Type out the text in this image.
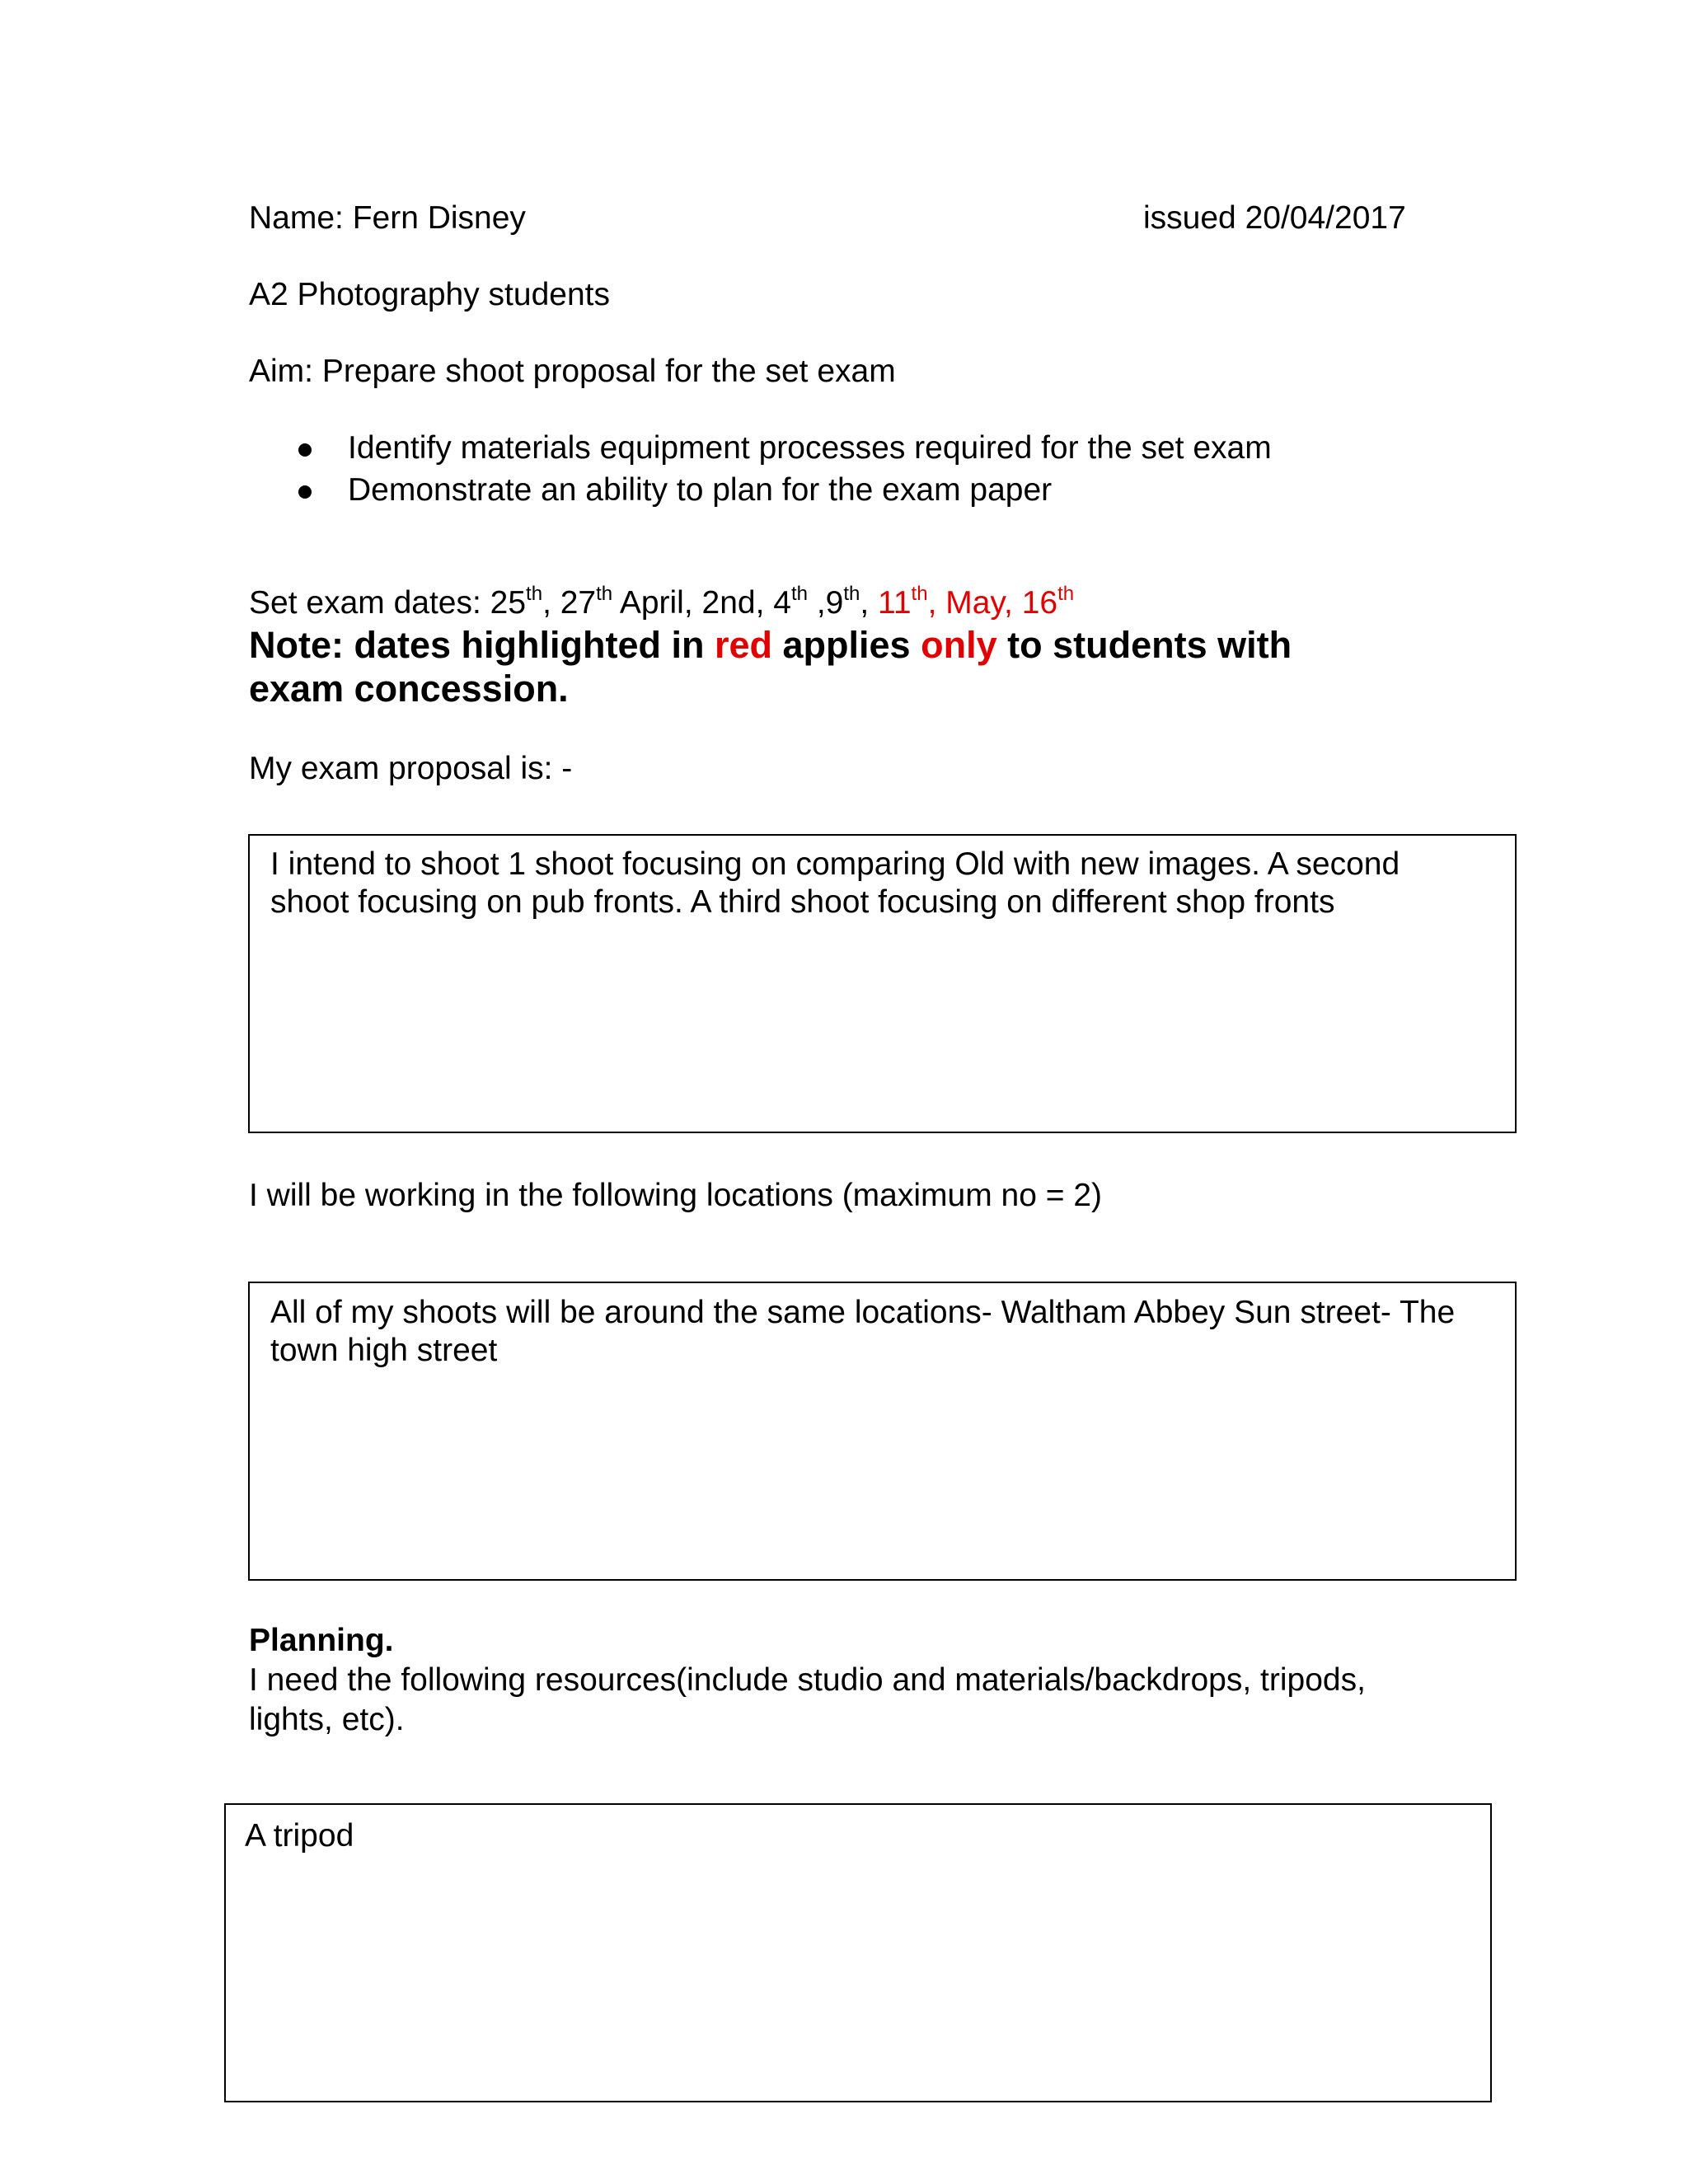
Name: Fern Disney	issued 20/04/2017
A2 Photography students
Aim: Prepare shoot proposal for the set exam
Identify materials equipment processes required for the set exam
Demonstrate an ability to plan for the exam paper
Set exam dates: 25th, 27th April, 2nd, 4th ,9th, 11th, May, 16th
Note: dates highlighted in red applies only to students with
exam concession.
My exam proposal is: -
I intend to shoot 1 shoot focusing on comparing Old with new images. A second
shoot focusing on pub fronts. A third shoot focusing on different shop fronts
I will be working in the following locations (maximum no = 2)
All of my shoots will be around the same locations- Waltham Abbey Sun street- The
town high street
Planning.
I need the following resources(include studio and materials/backdrops, tripods,
lights, etc).
A tripod
